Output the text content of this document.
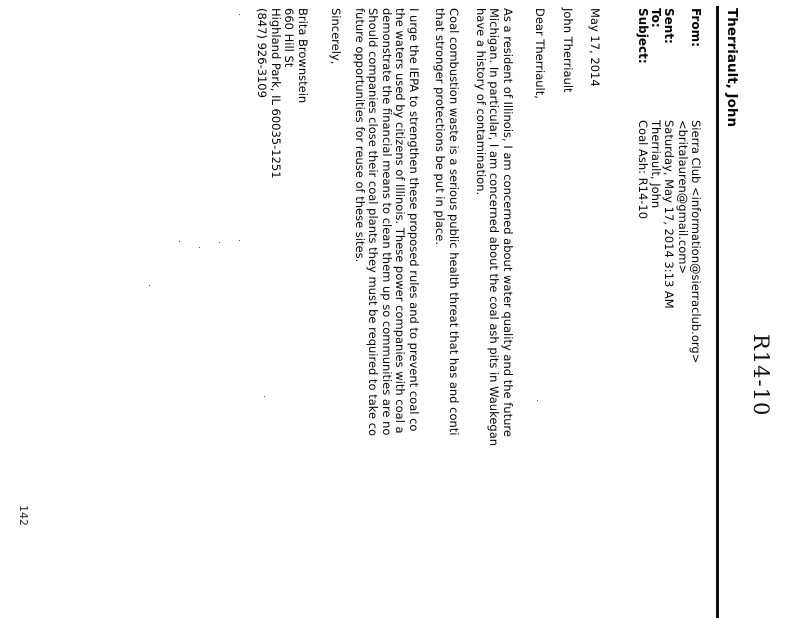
R14-10
Therriault, John
From:
Sierra Club <information@sierraclub.org>
<britalauren@gmail.com>
Sent:
Saturday, May 17, 2014 3:13 AM
To:
Therriault, John
Subject:
Coal Ash: R14-10
May 17, 2014
John Therriault
Dear Therriault,
As a resident of Illinois, I am concerned about water quality and the future
Michigan. In particular, I am concerned about the coal ash pits in Waukegan
have a history of contamination.
Coal combustion waste is a serious public health threat that has and conti
that stronger protections be put in place.
I urge the IEPA to strengthen these proposed rules and to prevent coal co
the waters used by citizens of Illinois. These power companies with coal a
demonstrate the financial means to clean them up so communities are no
Should companies close their coal plants they must be required to take co
future opportunities for reuse of these sites.
Sincerely,
Brita Brownstein
660 Hill St
Highland Park, IL 60035-1251
(847) 926-3109
142
